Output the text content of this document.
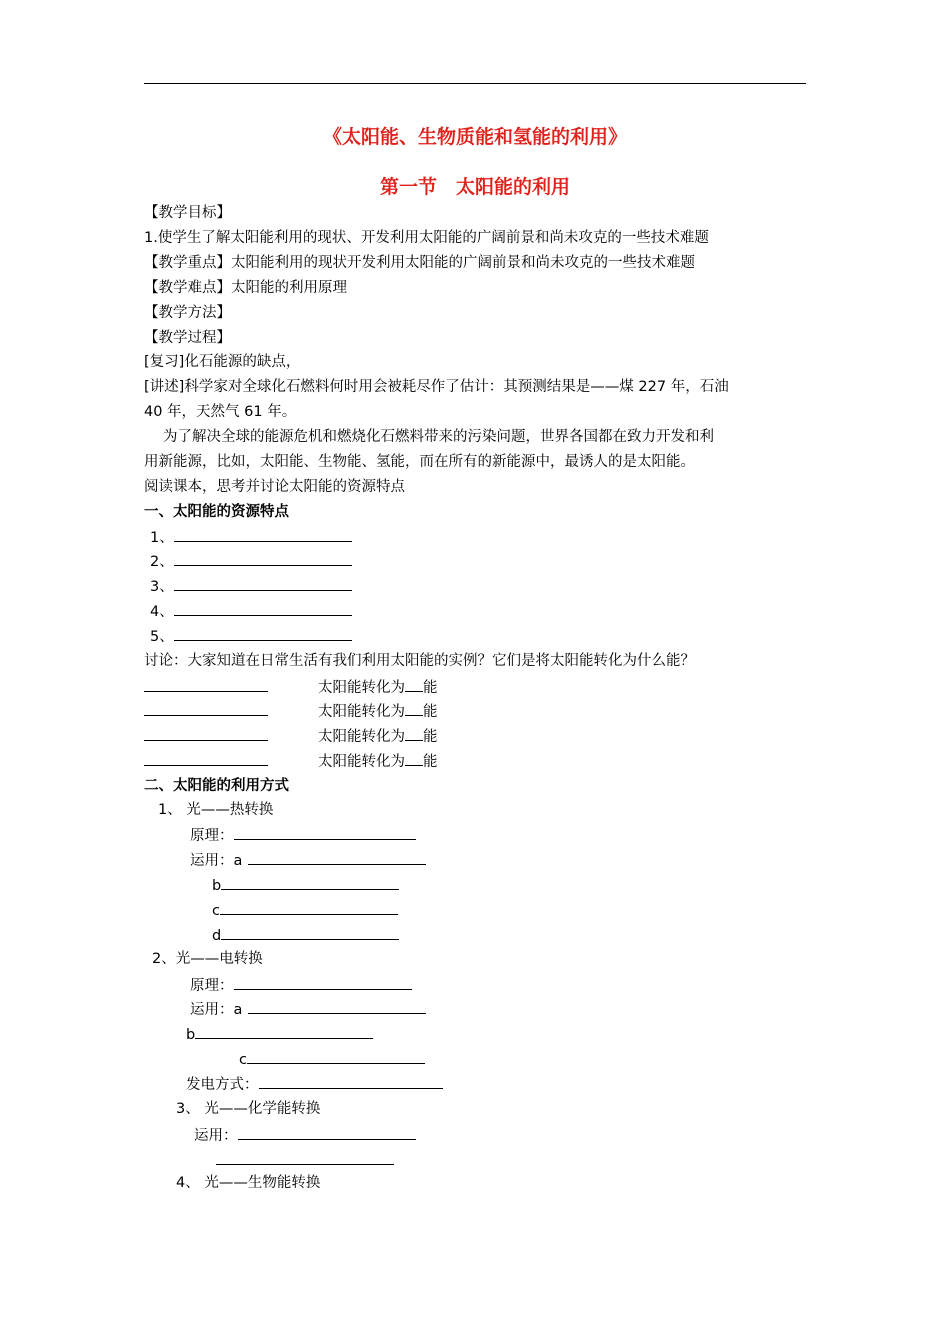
《太阳能、生物质能和氢能的利用》
第一节　太阳能的利用
【教学目标】
1.使学生了解太阳能利用的现状、开发利用太阳能的广阔前景和尚未攻克的一些技术难题
【教学重点】太阳能利用的现状开发利用太阳能的广阔前景和尚未攻克的一些技术难题
【教学难点】太阳能的利用原理
【教学方法】
【教学过程】
[复习]化石能源的缺点，
[讲述]科学家对全球化石燃料何时用会被耗尽作了估计：其预测结果是——煤 227 年，石油
40 年，天然气 61 年。
为了解决全球的能源危机和燃烧化石燃料带来的污染问题，世界各国都在致力开发和利
用新能源，比如，太阳能、生物能、氢能，而在所有的新能源中，最诱人的是太阳能。
阅读课本，思考并讨论太阳能的资源特点
一、太阳能的资源特点
1、
2、
3、
4、
5、
讨论：大家知道在日常生活有我们利用太阳能的实例？它们是将太阳能转化为什么能？
太阳能转化为 能
太阳能转化为 能
太阳能转化为 能
太阳能转化为 能
二、太阳能的利用方式
1、 光——热转换
原理：
运用：a
b
c
d
2、光——电转换
原理：
运用：a
b
c
发电方式：
3、 光——化学能转换
运用：
4、 光——生物能转换
